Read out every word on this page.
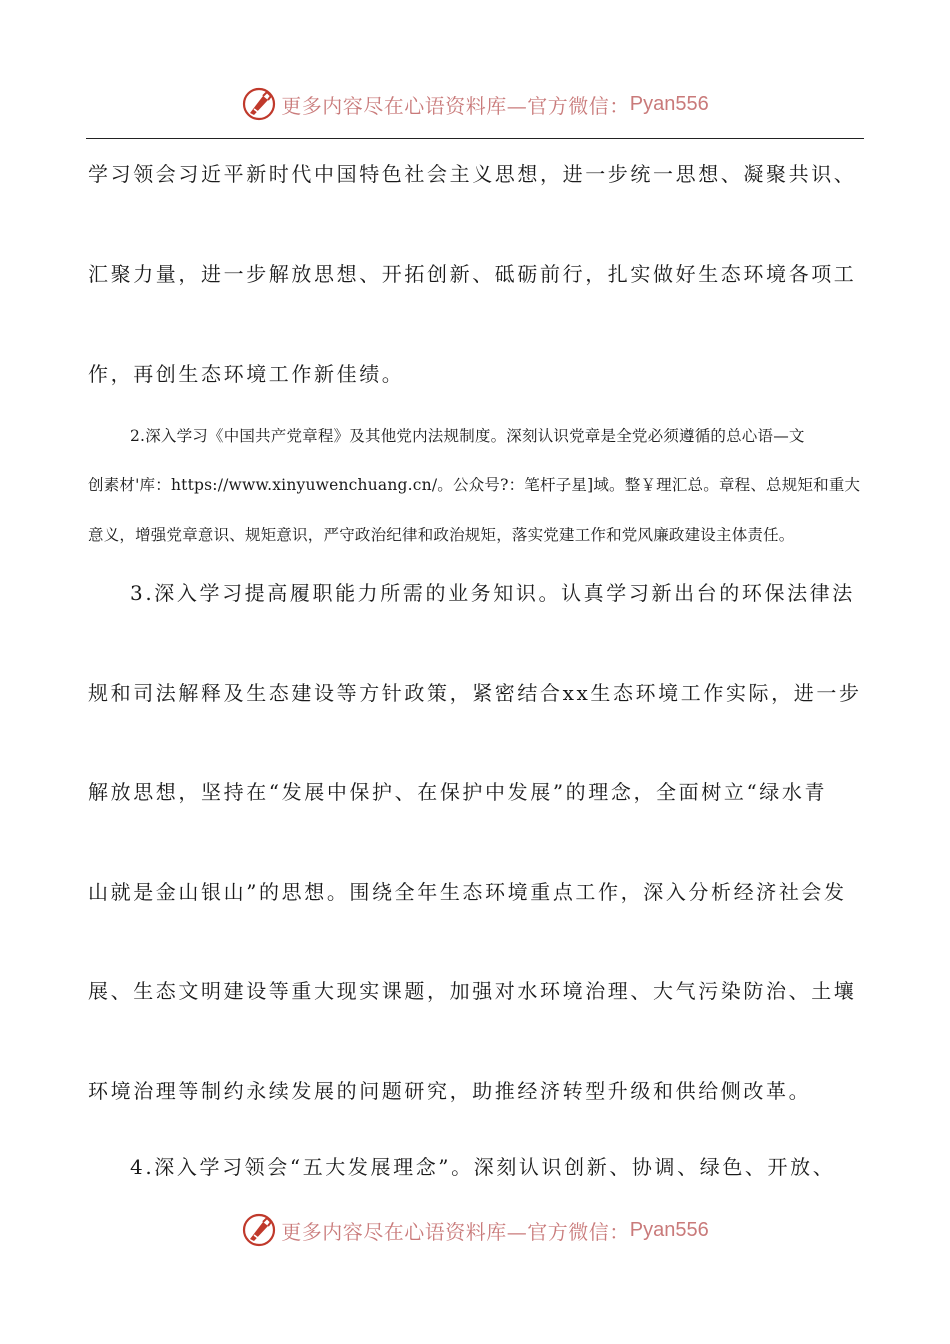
更多内容尽在心语资料库—官方微信： Pyan556
学习领会习近平新时代中国特色社会主义思想，进一步统一思想、凝聚共识、
汇聚力量，进一步解放思想、开拓创新、砥砺前行，扎实做好生态环境各项工
作，再创生态环境工作新佳绩。
2.深入学习《中国共产党章程》及其他党内法规制度。深刻认识党章是全党必须遵循的总心语—文
创素材'库：https://www.xinyuwenchuang.cn/。公众号?：笔杆子星]域。整￥理汇总。章程、总规矩和重大
意义，增强党章意识、规矩意识，严守政治纪律和政治规矩，落实党建工作和党风廉政建设主体责任。
3.深入学习提高履职能力所需的业务知识。认真学习新出台的环保法律法
规和司法解释及生态建设等方针政策，紧密结合xx生态环境工作实际，进一步
解放思想，坚持在“发展中保护、在保护中发展”的理念，全面树立“绿水青
山就是金山银山”的思想。围绕全年生态环境重点工作，深入分析经济社会发
展、生态文明建设等重大现实课题，加强对水环境治理、大气污染防治、土壤
环境治理等制约永续发展的问题研究，助推经济转型升级和供给侧改革。
4.深入学习领会“五大发展理念”。深刻认识创新、协调、绿色、开放、
更多内容尽在心语资料库—官方微信： Pyan556
